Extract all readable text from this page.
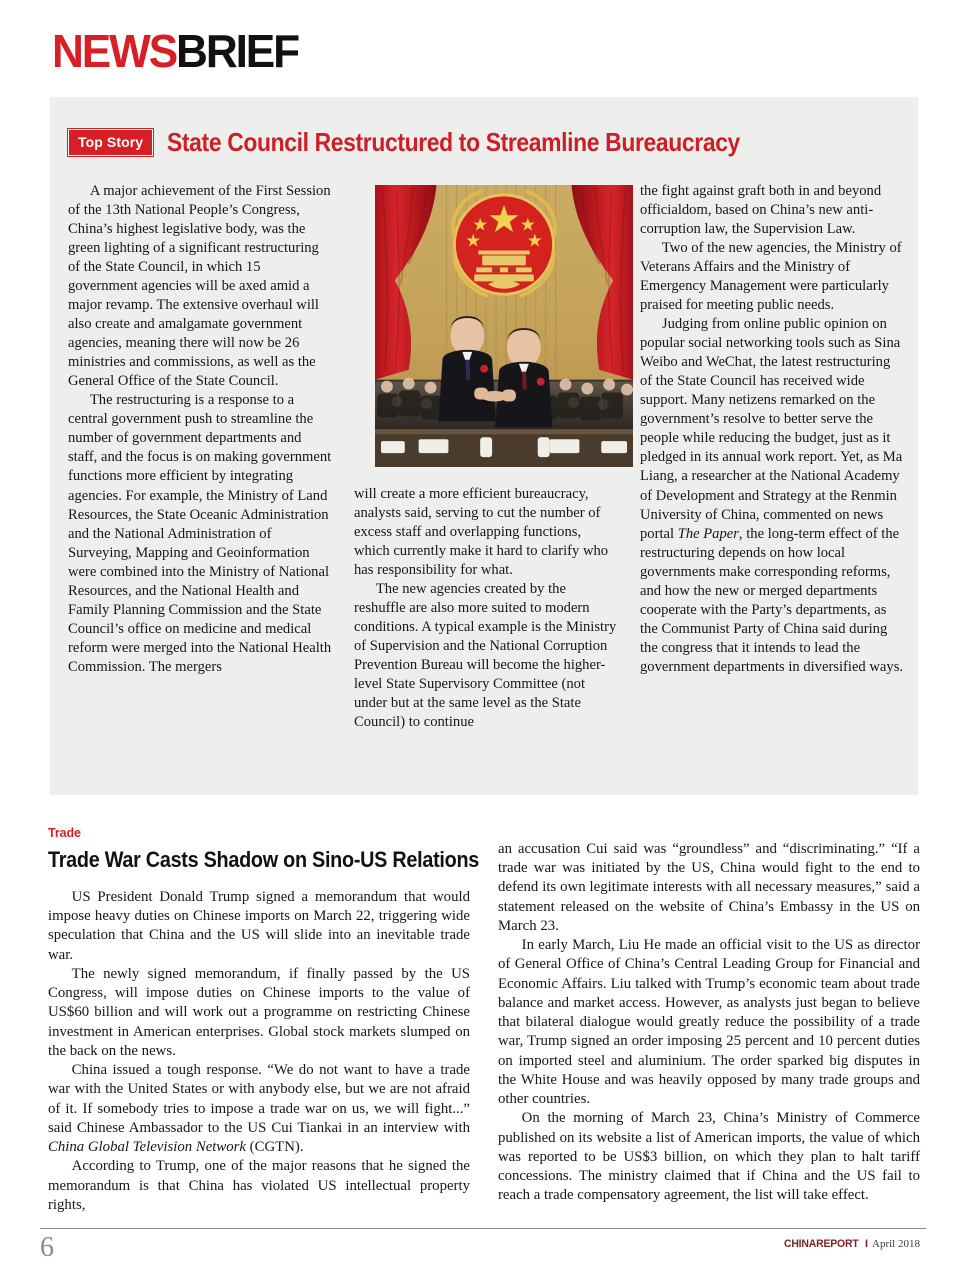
NEWSBRIEF
Top Story State Council Restructured to Streamline Bureaucracy

A major achievement of the First Session of the 13th National People’s Congress, China’s highest legislative body, was the green lighting of a significant restructuring of the State Council, in which 15 government agencies will be axed amid a major revamp. The extensive overhaul will also create and amalgamate government agencies, meaning there will now be 26 ministries and commissions, as well as the General Office of the State Council.

The restructuring is a response to a central government push to streamline the number of government departments and staff, and the focus is on making government functions more efficient by integrating agencies. For example, the Ministry of Land Resources, the State Oceanic Administration and the National Administration of Surveying, Mapping and Geoinformation were combined into the Ministry of National Resources, and the National Health and Family Planning Commission and the State Council’s office on medicine and medical reform were merged into the National Health Commission. The mergers

will create a more efficient bureaucracy, analysts said, serving to cut the number of excess staff and overlapping functions, which currently make it hard to clarify who has responsibility for what.

The new agencies created by the reshuffle are also more suited to modern conditions. A typical example is the Ministry of Supervision and the National Corruption Prevention Bureau will become the higher-level State Supervisory Committee (not under but at the same level as the State Council) to continue

the fight against graft both in and beyond officialdom, based on China’s new anti-corruption law, the Supervision Law.

Two of the new agencies, the Ministry of Veterans Affairs and the Ministry of Emergency Management were particularly praised for meeting public needs.

Judging from online public opinion on popular social networking tools such as Sina Weibo and WeChat, the latest restructuring of the State Council has received wide support. Many netizens remarked on the government’s resolve to better serve the people while reducing the budget, just as it pledged in its annual work report. Yet, as Ma Liang, a researcher at the National Academy of Development and Strategy at the Renmin University of China, commented on news portal The Paper, the long-term effect of the restructuring depends on how local governments make corresponding reforms, and how the new or merged departments cooperate with the Party’s departments, as the Communist Party of China said during the congress that it intends to lead the government departments in diversified ways.

Trade
Trade War Casts Shadow on Sino-US Relations

US President Donald Trump signed a memorandum that would impose heavy duties on Chinese imports on March 22, triggering wide speculation that China and the US will slide into an inevitable trade war.

The newly signed memorandum, if finally passed by the US Congress, will impose duties on Chinese imports to the value of US$60 billion and will work out a programme on restricting Chinese investment in American enterprises. Global stock markets slumped on the back on the news.

China issued a tough response. “We do not want to have a trade war with the United States or with anybody else, but we are not afraid of it. If somebody tries to impose a trade war on us, we will fight...” said Chinese Ambassador to the US Cui Tiankai in an interview with China Global Television Network (CGTN).

According to Trump, one of the major reasons that he signed the memorandum is that China has violated US intellectual property rights,

an accusation Cui said was “groundless” and “discriminating.” “If a trade war was initiated by the US, China would fight to the end to defend its own legitimate interests with all necessary measures,” said a statement released on the website of China’s Embassy in the US on March 23.

In early March, Liu He made an official visit to the US as director of General Office of China’s Central Leading Group for Financial and Economic Affairs. Liu talked with Trump’s economic team about trade balance and market access. However, as analysts just began to believe that bilateral dialogue would greatly reduce the possibility of a trade war, Trump signed an order imposing 25 percent and 10 percent duties on imported steel and aluminium. The order sparked big disputes in the White House and was heavily opposed by many trade groups and other countries.

On the morning of March 23, China’s Ministry of Commerce published on its website a list of American imports, the value of which was reported to be US$3 billion, on which they plan to halt tariff concessions. The ministry claimed that if China and the US fail to reach a trade compensatory agreement, the list will take effect.

6	CHINAREPORT I April 2018
